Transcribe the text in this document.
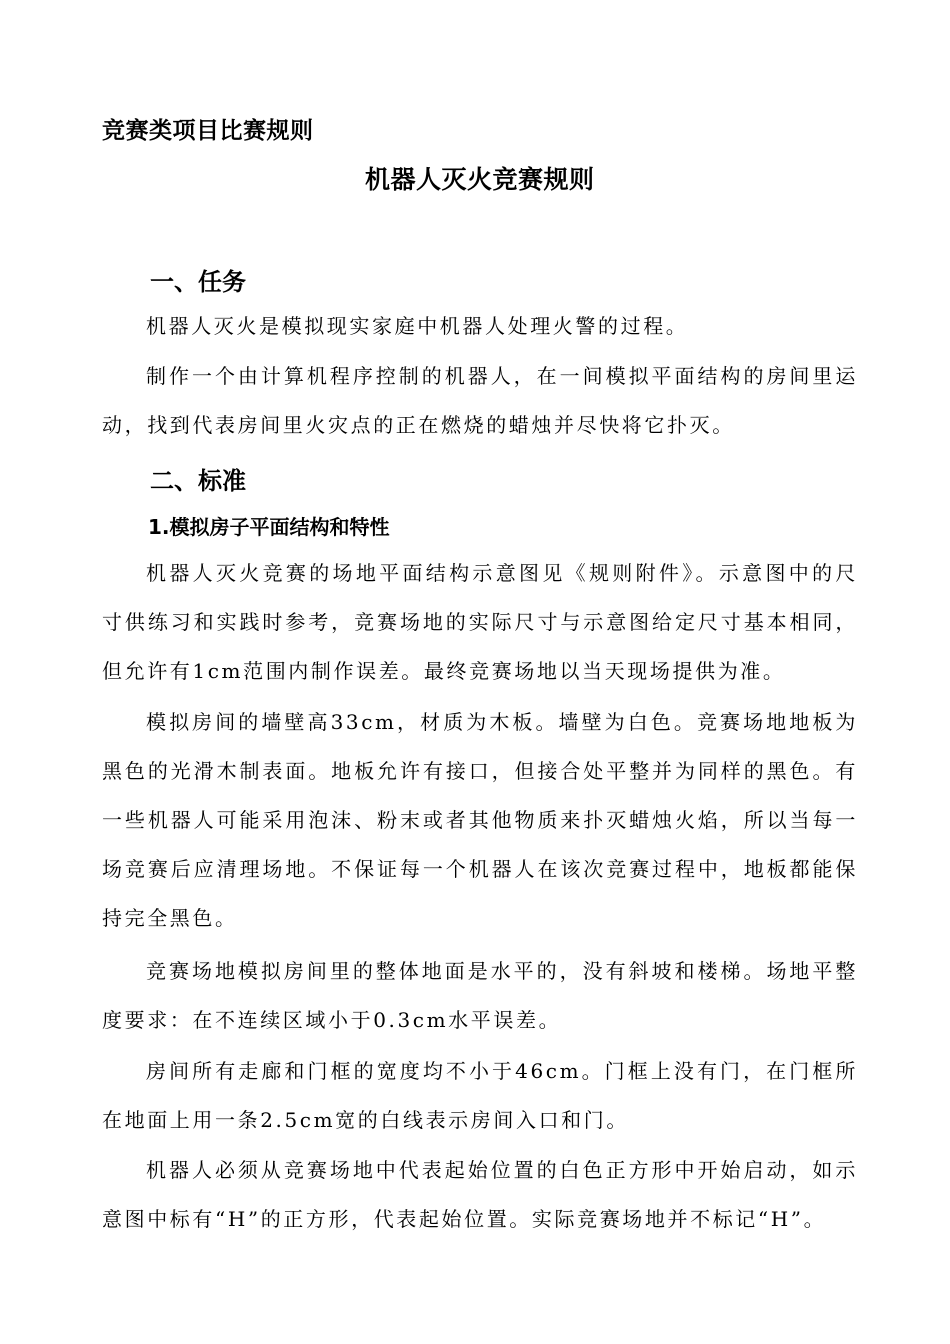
竞赛类项目比赛规则
机器人灭火竞赛规则
一、任务

机器人灭火是模拟现实家庭中机器人处理火警的过程。

制作一个由计算机程序控制的机器人，在一间模拟平面结构的房间里运动，找到代表房间里火灾点的正在燃烧的蜡烛并尽快将它扑灭。

二、标准
1.模拟房子平面结构和特性

机器人灭火竞赛的场地平面结构示意图见《规则附件》。示意图中的尺寸供练习和实践时参考，竞赛场地的实际尺寸与示意图给定尺寸基本相同，但允许有1cm范围内制作误差。最终竞赛场地以当天现场提供为准。

模拟房间的墙壁高33cm，材质为木板。墙壁为白色。竞赛场地地板为黑色的光滑木制表面。地板允许有接口，但接合处平整并为同样的黑色。有一些机器人可能采用泡沫、粉末或者其他物质来扑灭蜡烛火焰，所以当每一场竞赛后应清理场地。不保证每一个机器人在该次竞赛过程中，地板都能保持完全黑色。

竞赛场地模拟房间里的整体地面是水平的，没有斜坡和楼梯。场地平整度要求：在不连续区域小于0.3cm水平误差。

房间所有走廊和门框的宽度均不小于46cm。门框上没有门，在门框所在地面上用一条2.5cm宽的白线表示房间入口和门。

机器人必须从竞赛场地中代表起始位置的白色正方形中开始启动，如示意图中标有“H”的正方形，代表起始位置。实际竞赛场地并不标记“H”。
